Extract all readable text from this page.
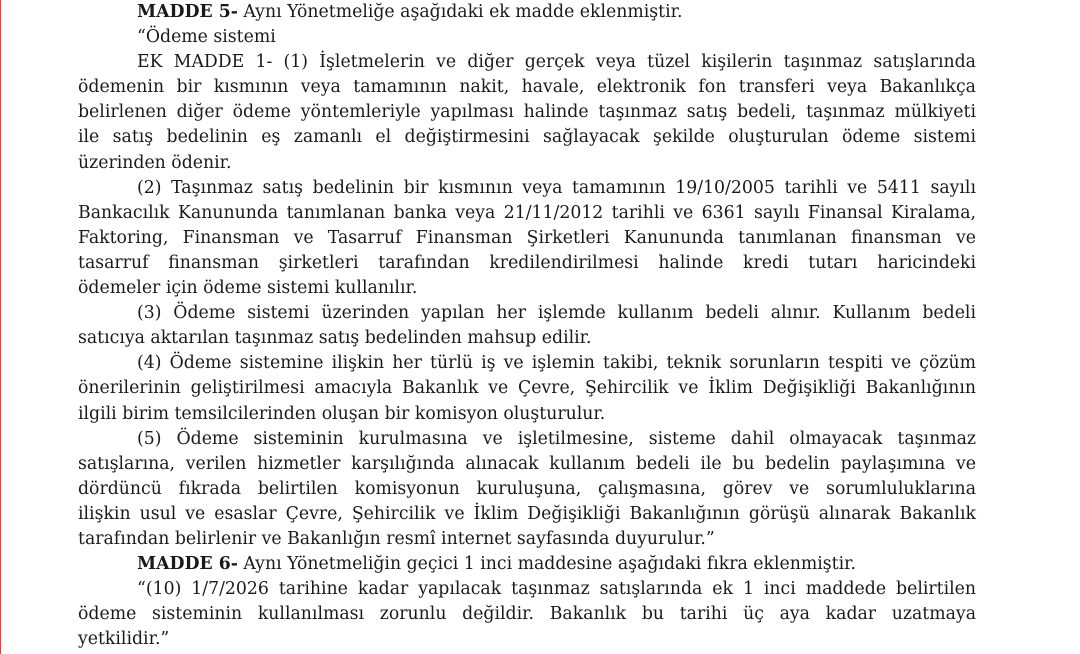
MADDE 5- Aynı Yönetmeliğe aşağıdaki ek madde eklenmiştir.
“Ödeme sistemi
EK MADDE 1- (1) İşletmelerin ve diğer gerçek veya tüzel kişilerin taşınmaz satışlarında
ödemenin bir kısmının veya tamamının nakit, havale, elektronik fon transferi veya Bakanlıkça
belirlenen diğer ödeme yöntemleriyle yapılması halinde taşınmaz satış bedeli, taşınmaz mülkiyeti
ile satış bedelinin eş zamanlı el değiştirmesini sağlayacak şekilde oluşturulan ödeme sistemi
üzerinden ödenir.
(2) Taşınmaz satış bedelinin bir kısmının veya tamamının 19/10/2005 tarihli ve 5411 sayılı
Bankacılık Kanununda tanımlanan banka veya 21/11/2012 tarihli ve 6361 sayılı Finansal Kiralama,
Faktoring, Finansman ve Tasarruf Finansman Şirketleri Kanununda tanımlanan finansman ve
tasarruf finansman şirketleri tarafından kredilendirilmesi halinde kredi tutarı haricindeki
ödemeler için ödeme sistemi kullanılır.
(3) Ödeme sistemi üzerinden yapılan her işlemde kullanım bedeli alınır. Kullanım bedeli
satıcıya aktarılan taşınmaz satış bedelinden mahsup edilir.
(4) Ödeme sistemine ilişkin her türlü iş ve işlemin takibi, teknik sorunların tespiti ve çözüm
önerilerinin geliştirilmesi amacıyla Bakanlık ve Çevre, Şehircilik ve İklim Değişikliği Bakanlığının
ilgili birim temsilcilerinden oluşan bir komisyon oluşturulur.
(5) Ödeme sisteminin kurulmasına ve işletilmesine, sisteme dahil olmayacak taşınmaz
satışlarına, verilen hizmetler karşılığında alınacak kullanım bedeli ile bu bedelin paylaşımına ve
dördüncü fıkrada belirtilen komisyonun kuruluşuna, çalışmasına, görev ve sorumluluklarına
ilişkin usul ve esaslar Çevre, Şehircilik ve İklim Değişikliği Bakanlığının görüşü alınarak Bakanlık
tarafından belirlenir ve Bakanlığın resmî internet sayfasında duyurulur.”
MADDE 6- Aynı Yönetmeliğin geçici 1 inci maddesine aşağıdaki fıkra eklenmiştir.
“(10) 1/7/2026 tarihine kadar yapılacak taşınmaz satışlarında ek 1 inci maddede belirtilen
ödeme sisteminin kullanılması zorunlu değildir. Bakanlık bu tarihi üç aya kadar uzatmaya
yetkilidir.”
